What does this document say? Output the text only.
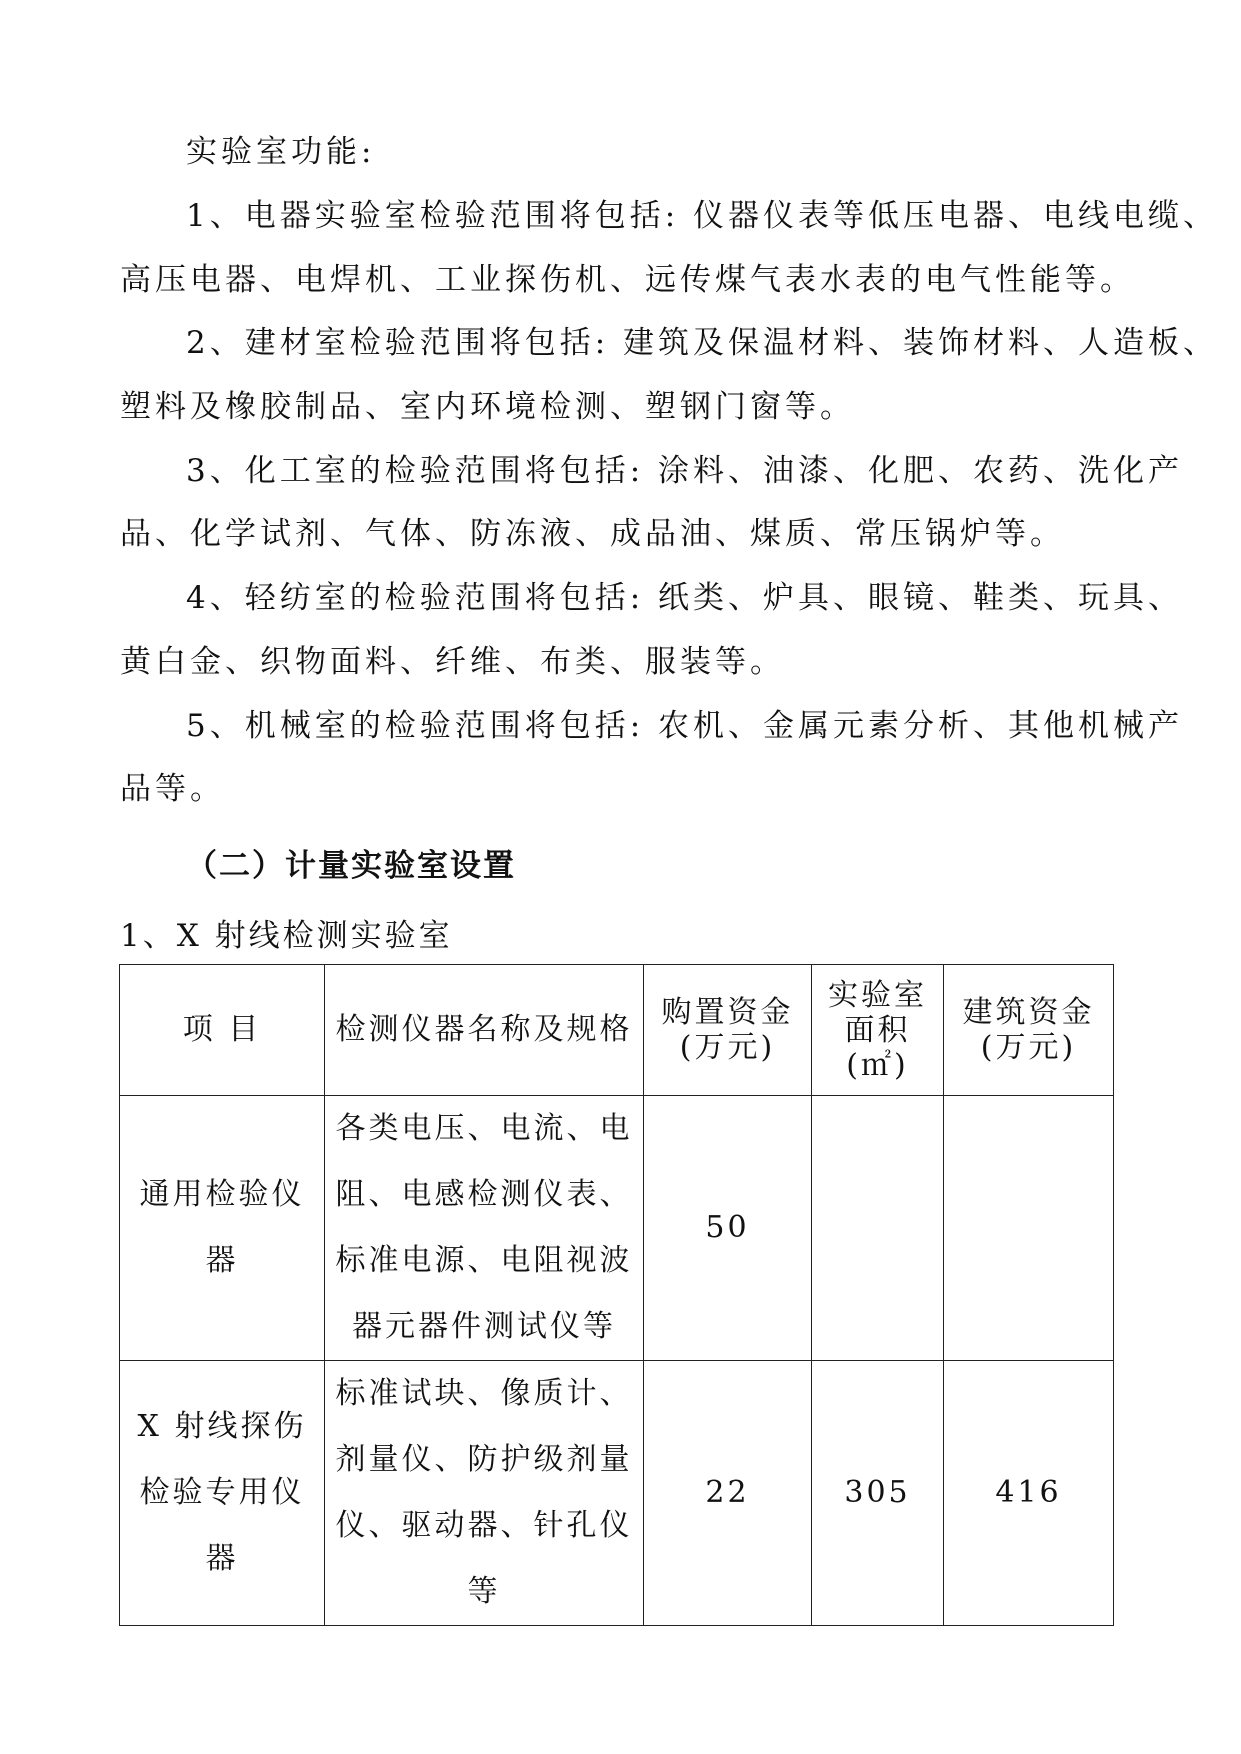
实验室功能:
1、电器实验室检验范围将包括: 仪器仪表等低压电器、电线电缆、
高压电器、电焊机、工业探伤机、远传煤气表水表的电气性能等。
2、建材室检验范围将包括: 建筑及保温材料、装饰材料、人造板、
塑料及橡胶制品、室内环境检测、塑钢门窗等。
3、化工室的检验范围将包括: 涂料、油漆、化肥、农药、洗化产
品、化学试剂、气体、防冻液、成品油、煤质、常压锅炉等。
4、轻纺室的检验范围将包括: 纸类、炉具、眼镜、鞋类、玩具、
黄白金、织物面料、纤维、布类、服装等。
5、机械室的检验范围将包括: 农机、金属元素分析、其他机械产
品等。
（二）计量实验室设置
1、X 射线检测实验室
项 目	检测仪器名称及规格	购置资金(万元)	实验室面积(㎡)	建筑资金(万元)
通用检验仪器	各类电压、电流、电阻、电感检测仪表、标准电源、电阻视波器元器件测试仪等	50		
X 射线探伤检验专用仪器	标准试块、像质计、剂量仪、防护级剂量仪、驱动器、针孔仪等	22	305	416
